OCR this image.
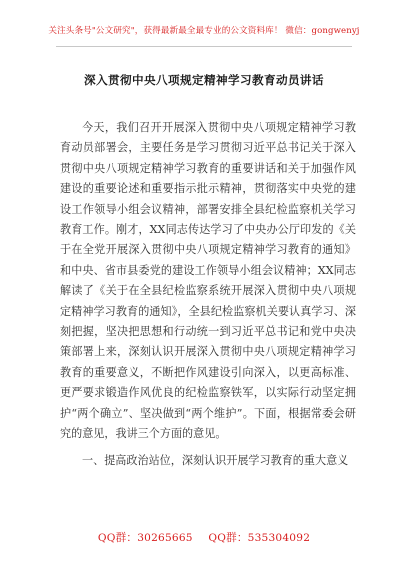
关注头条号"公文研究"，获得最新最全最专业的公文资料库！ 微信：gongwenyj
深入贯彻中央八项规定精神学习教育动员讲话

今天，我们召开开展深入贯彻中央八项规定精神学习教育动员部署会，主要任务是学习贯彻习近平总书记关于深入贯彻中央八项规定精神学习教育的重要讲话和关于加强作风建设的重要论述和重要指示批示精神，贯彻落实中央党的建设工作领导小组会议精神，部署安排全县纪检监察机关学习教育工作。刚才，XX同志传达学习了中央办公厅印发的《关于在全党开展深入贯彻中央八项规定精神学习教育的通知》和中央、省市县委党的建设工作领导小组会议精神；XX同志解读了《关于在全县纪检监察系统开展深入贯彻中央八项规定精神学习教育的通知》，全县纪检监察机关要认真学习、深刻把握，坚决把思想和行动统一到习近平总书记和党中央决策部署上来，深刻认识开展深入贯彻中央八项规定精神学习教育的重要意义，不断把作风建设引向深入，以更高标准、更严要求锻造作风优良的纪检监察铁军，以实际行动坚定拥护“两个确立”、坚决做到“两个维护”。下面，根据常委会研究的意见，我讲三个方面的意见。

一、提高政治站位，深刻认识开展学习教育的重大意义

QQ群：30265665 QQ群：535304092
